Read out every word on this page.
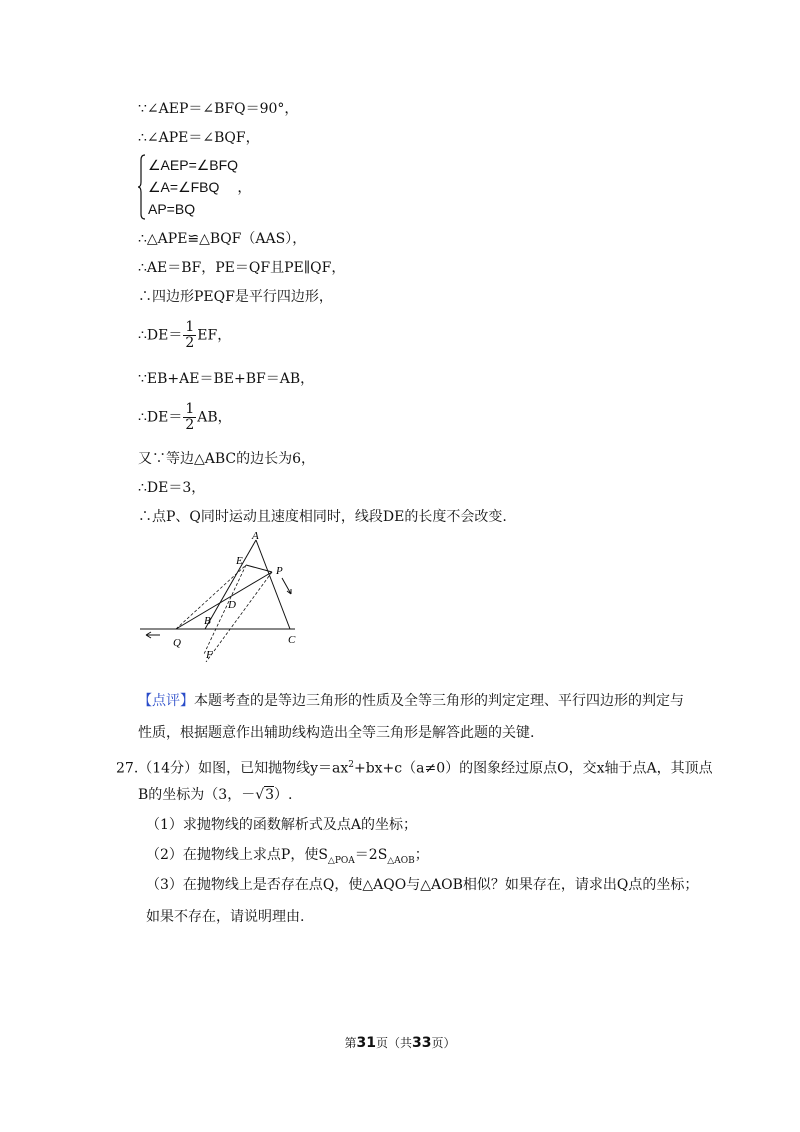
∵∠AEP＝∠BFQ＝90°，
∴∠APE＝∠BQF，
∠AEP=∠BFQ
∠A=∠FBQ ，
AP=BQ
∴△APE≌△BQF（AAS），
∴AE＝BF，PE＝QF且PE∥QF，
∴四边形PEQF是平行四边形，
∴DE＝ $\frac{1}{2}$ EF，
∵EB+AE＝BE+BF＝AB，
∴DE＝ $\frac{1}{2}$ AB，
又∵等边△ABC的边长为6，
∴DE＝3，
∴点P、Q同时运动且速度相同时，线段DE的长度不会改变.
A
E
P
D
B
Q	C
F
【点评】本题考查的是等边三角形的性质及全等三角形的判定定理、平行四边形的判定与
性质，根据题意作出辅助线构造出全等三角形是解答此题的关键.
27.（14分）如图，已知抛物线$y=ax^2+bx+c(a\ne 0)$的图象经过原点O，交x轴于点A，其顶点
B的坐标为（3，－√3）.
（1）求抛物线的函数解析式及点A的坐标；
（2）在抛物线上求点P，使$S_{\triangle POA}=2S_{\triangle AOB}$；
（3）在抛物线上是否存在点Q，使△AQO与△AOB相似？如果存在，请求出Q点的坐标；
如果不存在，请说明理由.
第31页（共33页）
